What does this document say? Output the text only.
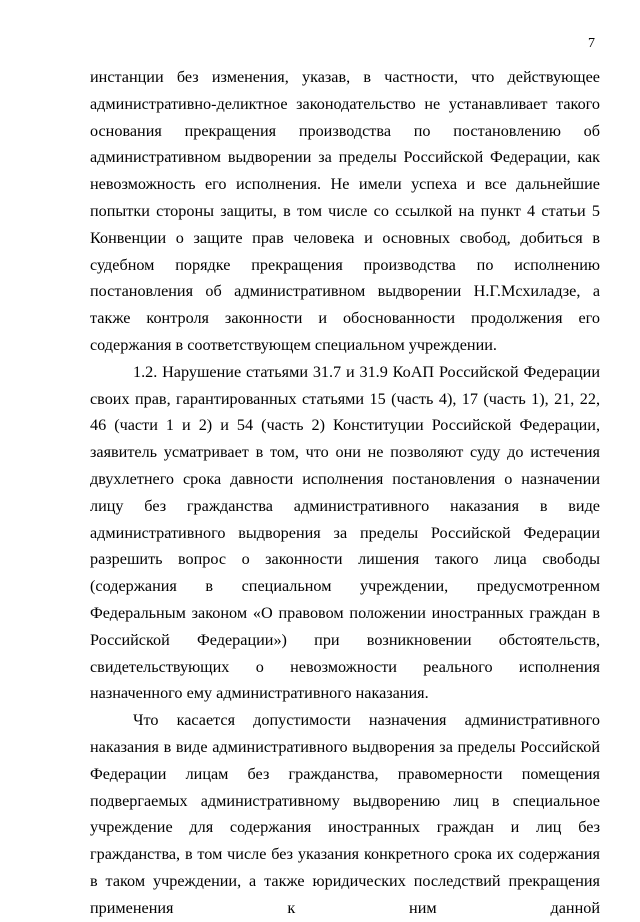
7

инстанции без изменения, указав, в частности, что действующее административно-деликтное законодательство не устанавливает такого основания прекращения производства по постановлению об административном выдворении за пределы Российской Федерации, как невозможность его исполнения. Не имели успеха и все дальнейшие попытки стороны защиты, в том числе со ссылкой на пункт 4 статьи 5 Конвенции о защите прав человека и основных свобод, добиться в судебном порядке прекращения производства по исполнению постановления об административном выдворении Н.Г.Мсхиладзе, а также контроля законности и обоснованности продолжения его содержания в соответствующем специальном учреждении.

1.2. Нарушение статьями 31.7 и 31.9 КоАП Российской Федерации своих прав, гарантированных статьями 15 (часть 4), 17 (часть 1), 21, 22, 46 (части 1 и 2) и 54 (часть 2) Конституции Российской Федерации, заявитель усматривает в том, что они не позволяют суду до истечения двухлетнего срока давности исполнения постановления о назначении лицу без гражданства административного наказания в виде административного выдворения за пределы Российской Федерации разрешить вопрос о законности лишения такого лица свободы (содержания в специальном учреждении, предусмотренном Федеральным законом «О правовом положении иностранных граждан в Российской Федерации») при возникновении обстоятельств, свидетельствующих о невозможности реального исполнения назначенного ему административного наказания.

Что касается допустимости назначения административного наказания в виде административного выдворения за пределы Российской Федерации лицам без гражданства, правомерности помещения подвергаемых административному выдворению лиц в специальное учреждение для содержания иностранных граждан и лиц без гражданства, в том числе без указания конкретного срока их содержания в таком учреждении, а также юридических последствий прекращения применения к ним данной
